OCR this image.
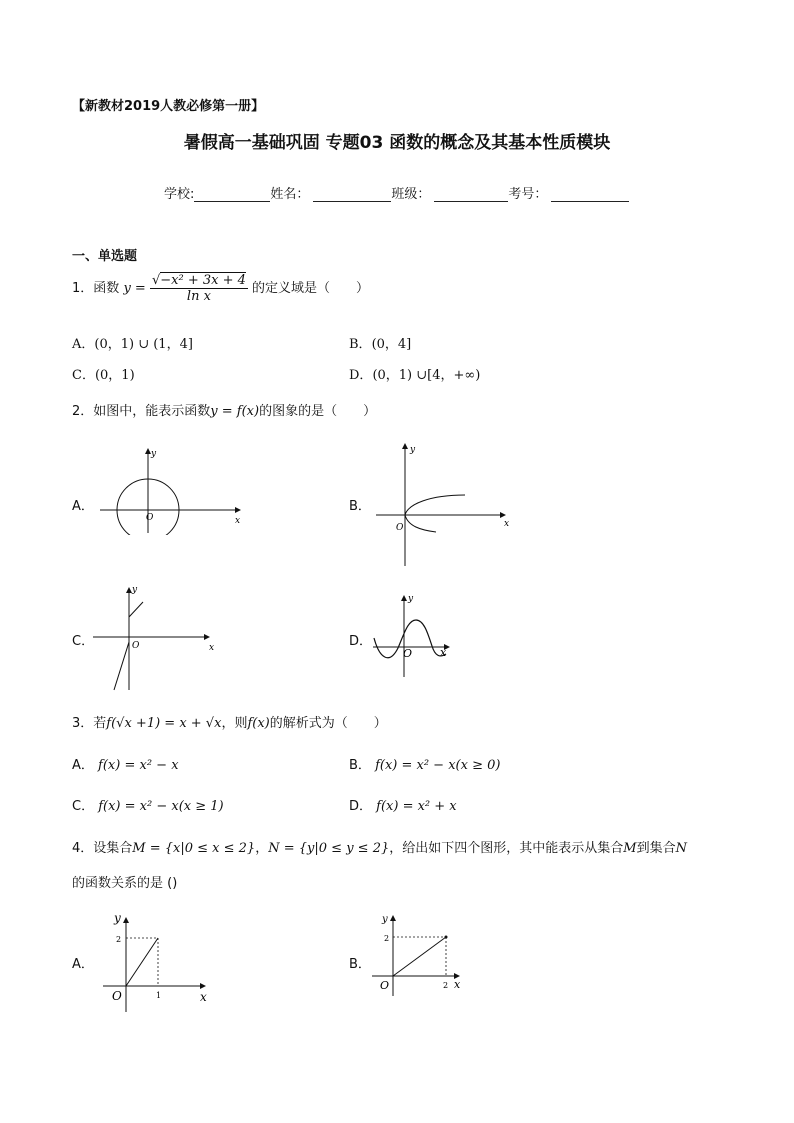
【新教材2019人教必修第一册】
暑假高一基础巩固 专题03 函数的概念及其基本性质模块
学校:	姓名：	班级：	考号：
一、单选题
1．函数 $y = \frac{\text{√−x² + 3x + 4}}{\text{ln x}}$ 的定义域是（　　）
A．(0，1) ∪ (1，4]	B．(0，4]
C．(0，1)	D．(0，1) ∪[4，+∞)
2．如图中，能表示函数y = f(x)的图象的是（　　）
A．	B．
C．	D．
x
y
O
x
y
O
x
y
O	x
y
O
3．若f(√x +1) = x + √x，则f(x)的解析式为（　　）
A． f(x) = x² − x	B． f(x) = x² − x(x ≥ 0)
C． f(x) = x² − x(x ≥ 1)	D． f(x) = x² + x
4．设集合M = {x|0 ≤ x ≤ 2}，N = {y|0 ≤ y ≤ 2}，给出如下四个图形，其中能表示从集合M到集合N
的函数关系的是 ()
A．	B．
y
2
1
O	x
y
2
2
O	x
